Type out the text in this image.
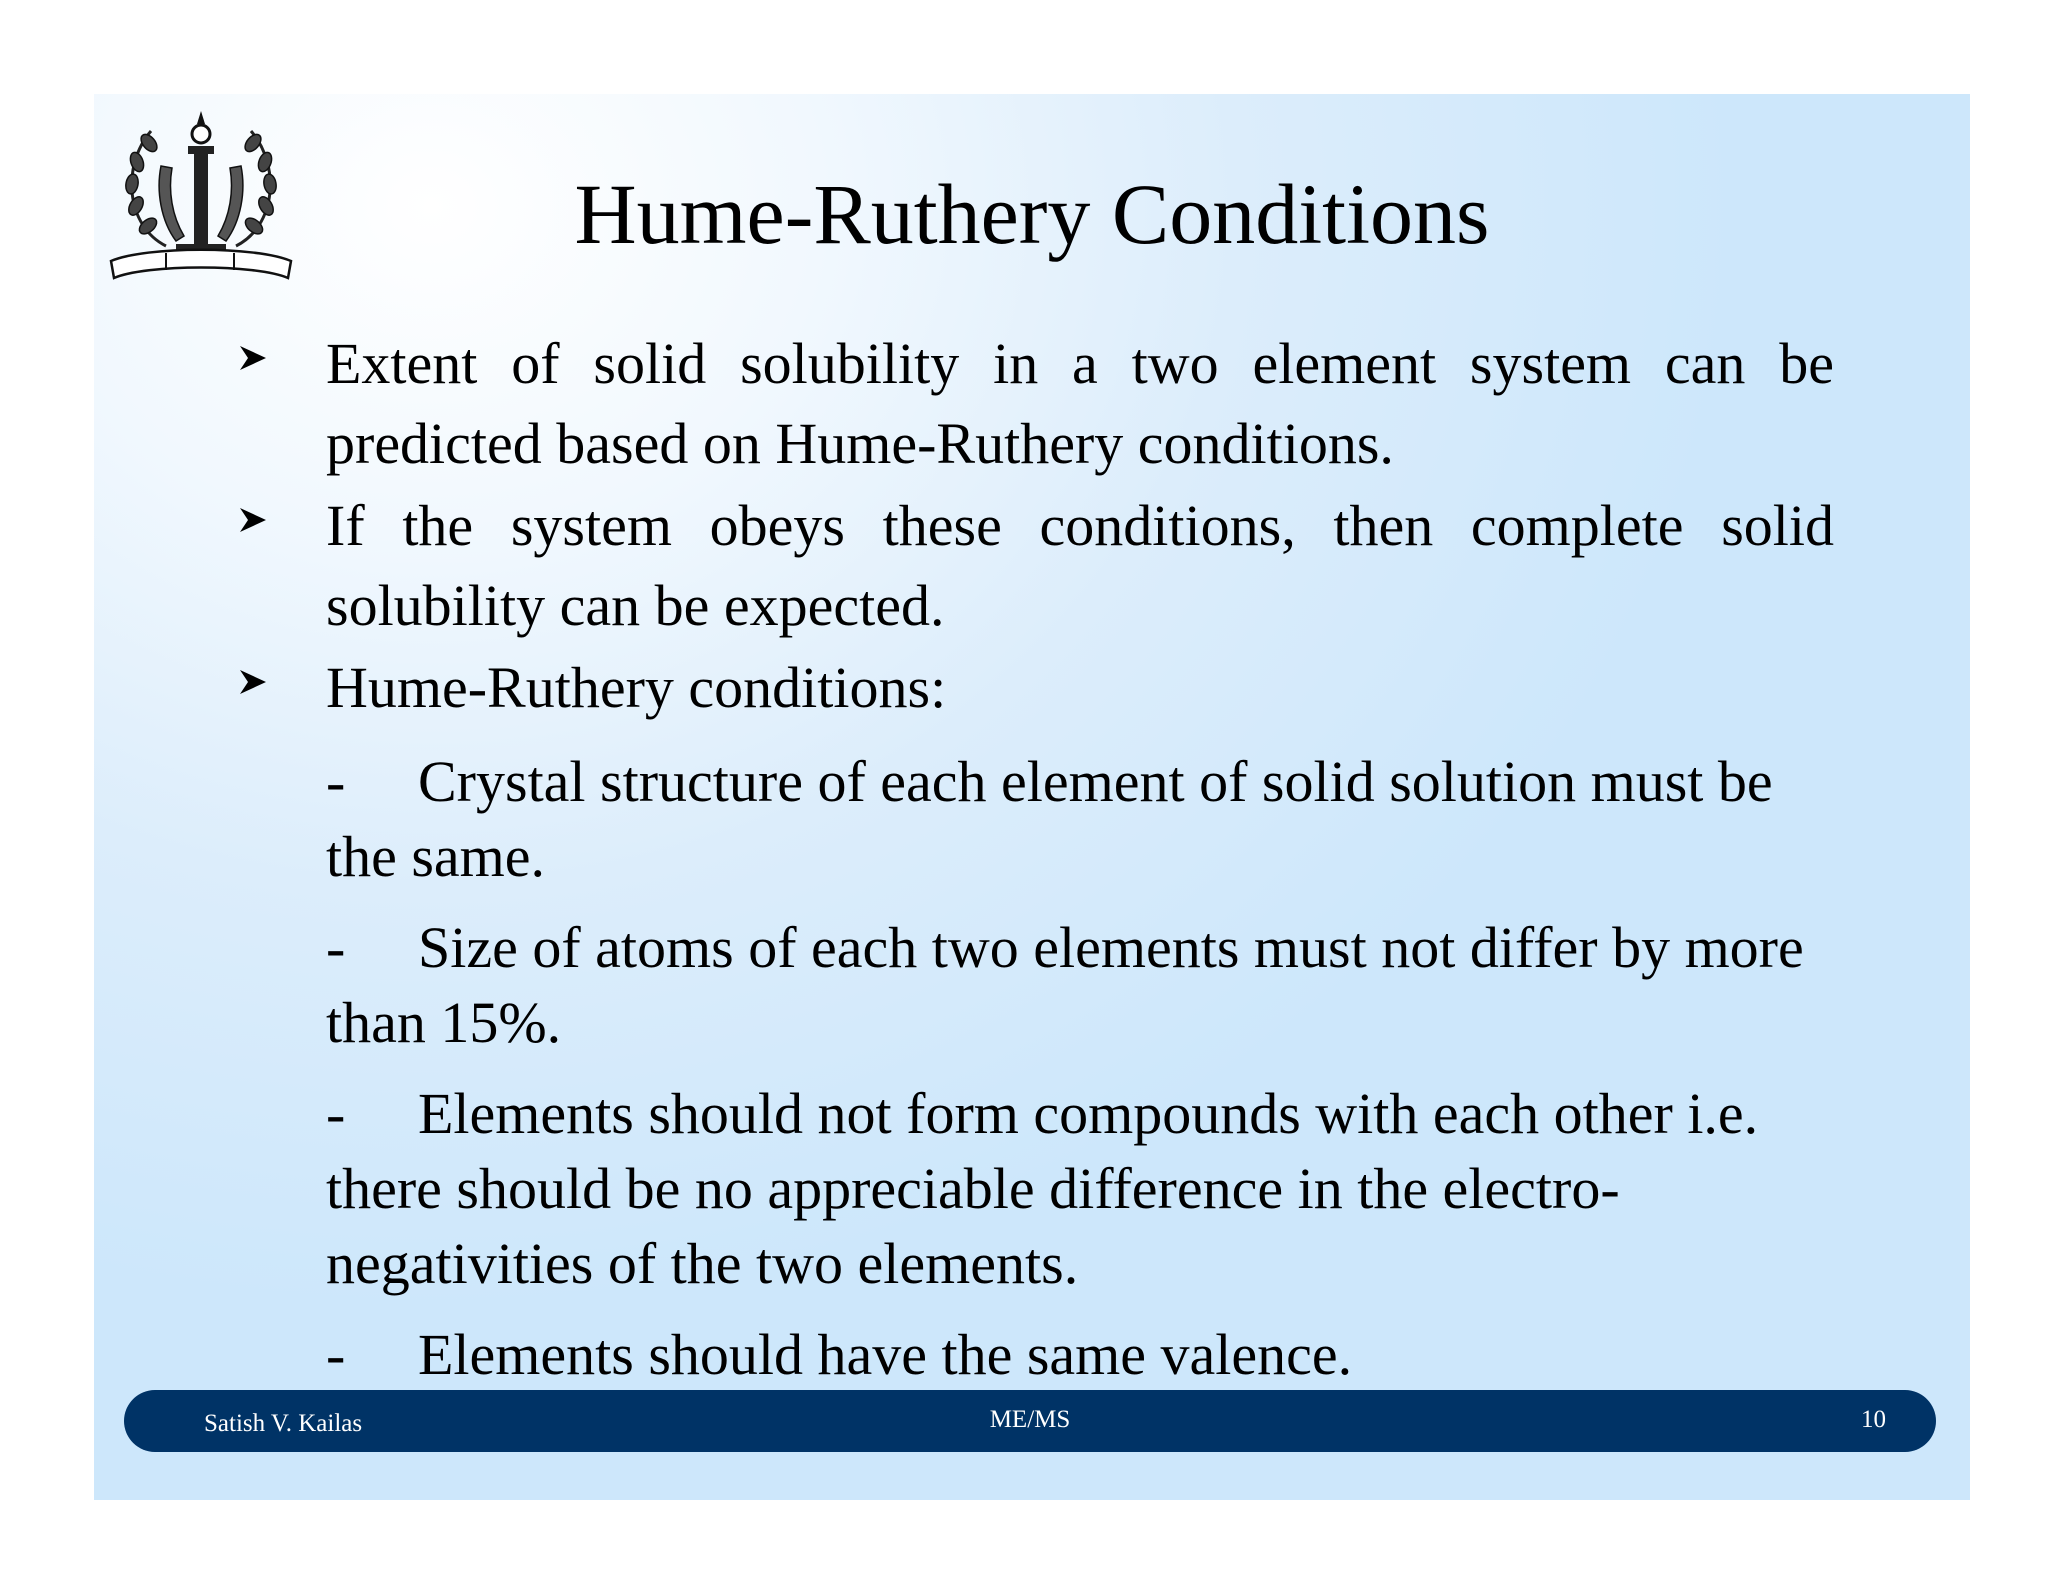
Hume-Ruthery Conditions
Extent of solid solubility in a two element system can be predicted based on Hume-Ruthery conditions.
If the system obeys these conditions, then complete solid solubility can be expected.
Hume-Ruthery conditions:
- Crystal structure of each element of solid solution must be the same.
- Size of atoms of each two elements must not differ by more than 15%.
- Elements should not form compounds with each other i.e. there should be no appreciable difference in the electro-negativities of the two elements.
- Elements should have the same valence.
Satish V. Kailas	ME/MS	10
